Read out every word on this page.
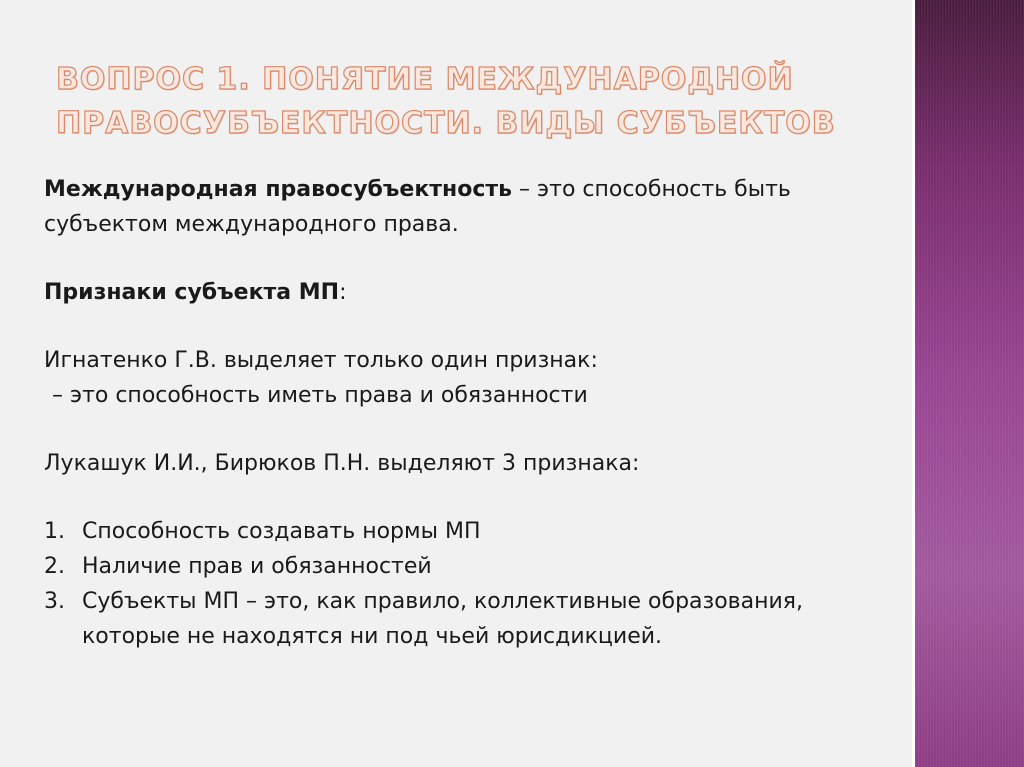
ВОПРОС 1. ПОНЯТИЕ МЕЖДУНАРОДНОЙ
ПРАВОСУБЪЕКТНОСТИ. ВИДЫ СУБЪЕКТОВ

Международная правосубъектность – это способность быть

субъектом международного права.

Признаки субъекта МП:

Игнатенко Г.В. выделяет только один признак:

– это способность иметь права и обязанности

Лукашук И.И., Бирюков П.Н. выделяют 3 признака:

1. Способность создавать нормы МП
2. Наличие прав и обязанностей
3. Субъекты МП – это, как правило, коллективные образования, которые не находятся ни под чьей юрисдикцией.
